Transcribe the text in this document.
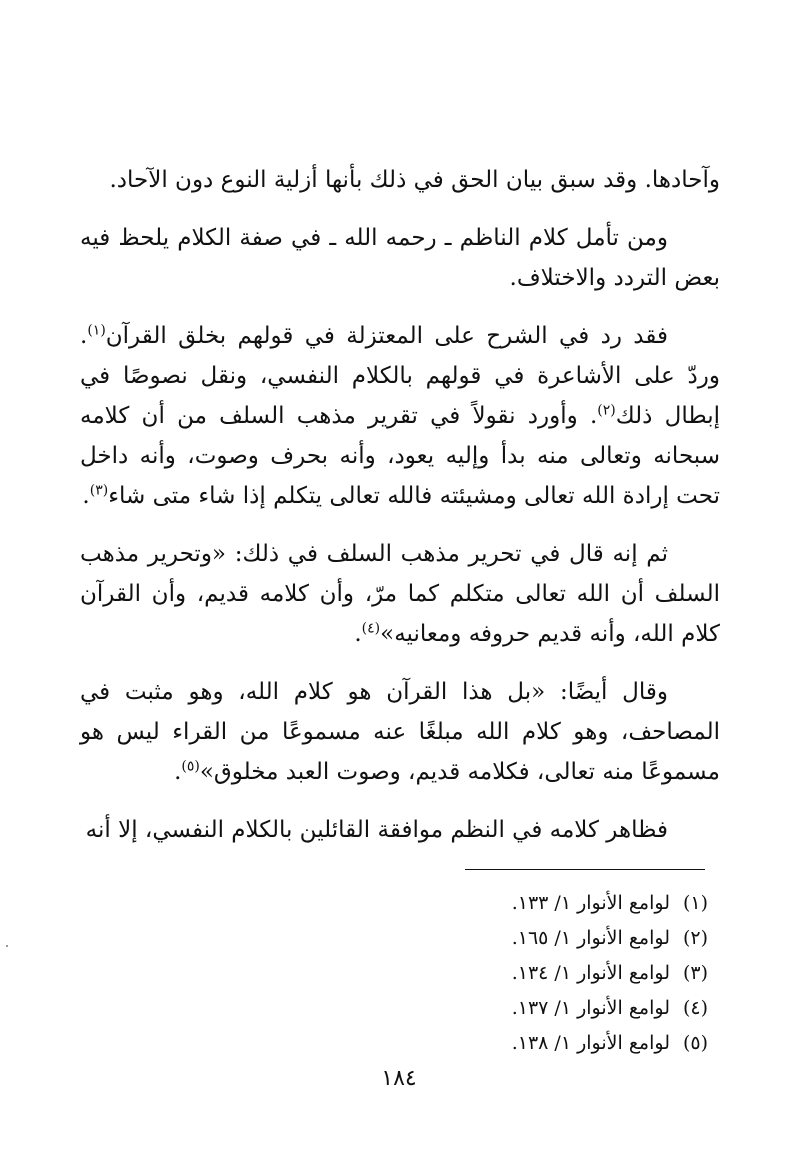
وآحادها. وقد سبق بيان الحق في ذلك بأنها أزلية النوع دون الآحاد.

ومن تأمل كلام الناظم ـ رحمه الله ـ في صفة الكلام يلحظ فيه بعض التردد والاختلاف.

فقد رد في الشرح على المعتزلة في قولهم بخلق القرآن$^{(١)}$. وردّ على الأشاعرة في قولهم بالكلام النفسي، ونقل نصوصًا في إبطال ذلك$^{(٢)}$. وأورد نقولاً في تقرير مذهب السلف من أن كلامه سبحانه وتعالى منه بدأ وإليه يعود، وأنه بحرف وصوت، وأنه داخل تحت إرادة الله تعالى ومشيئته فالله تعالى يتكلم إذا شاء متى شاء$^{(٣)}$.

ثم إنه قال في تحرير مذهب السلف في ذلك: «وتحرير مذهب السلف أن الله تعالى متكلم كما مرّ، وأن كلامه قديم، وأن القرآن كلام الله، وأنه قديم حروفه ومعانيه»$^{(٤)}$.

وقال أيضًا: «بل هذا القرآن هو كلام الله، وهو مثبت في المصاحف، وهو كلام الله مبلغًا عنه مسموعًا من القراء ليس هو مسموعًا منه تعالى، فكلامه قديم، وصوت العبد مخلوق»$^{(٥)}$.

فظاهر كلامه في النظم موافقة القائلين بالكلام النفسي، إلا أنه

(١)
لوامع الأنوار ١/ ١٣٣.
(٢)
لوامع الأنوار ١/ ١٦٥.
(٣)
لوامع الأنوار ١/ ١٣٤.
(٤)
لوامع الأنوار ١/ ١٣٧.
(٥)
لوامع الأنوار ١/ ١٣٨.
١٨٤
